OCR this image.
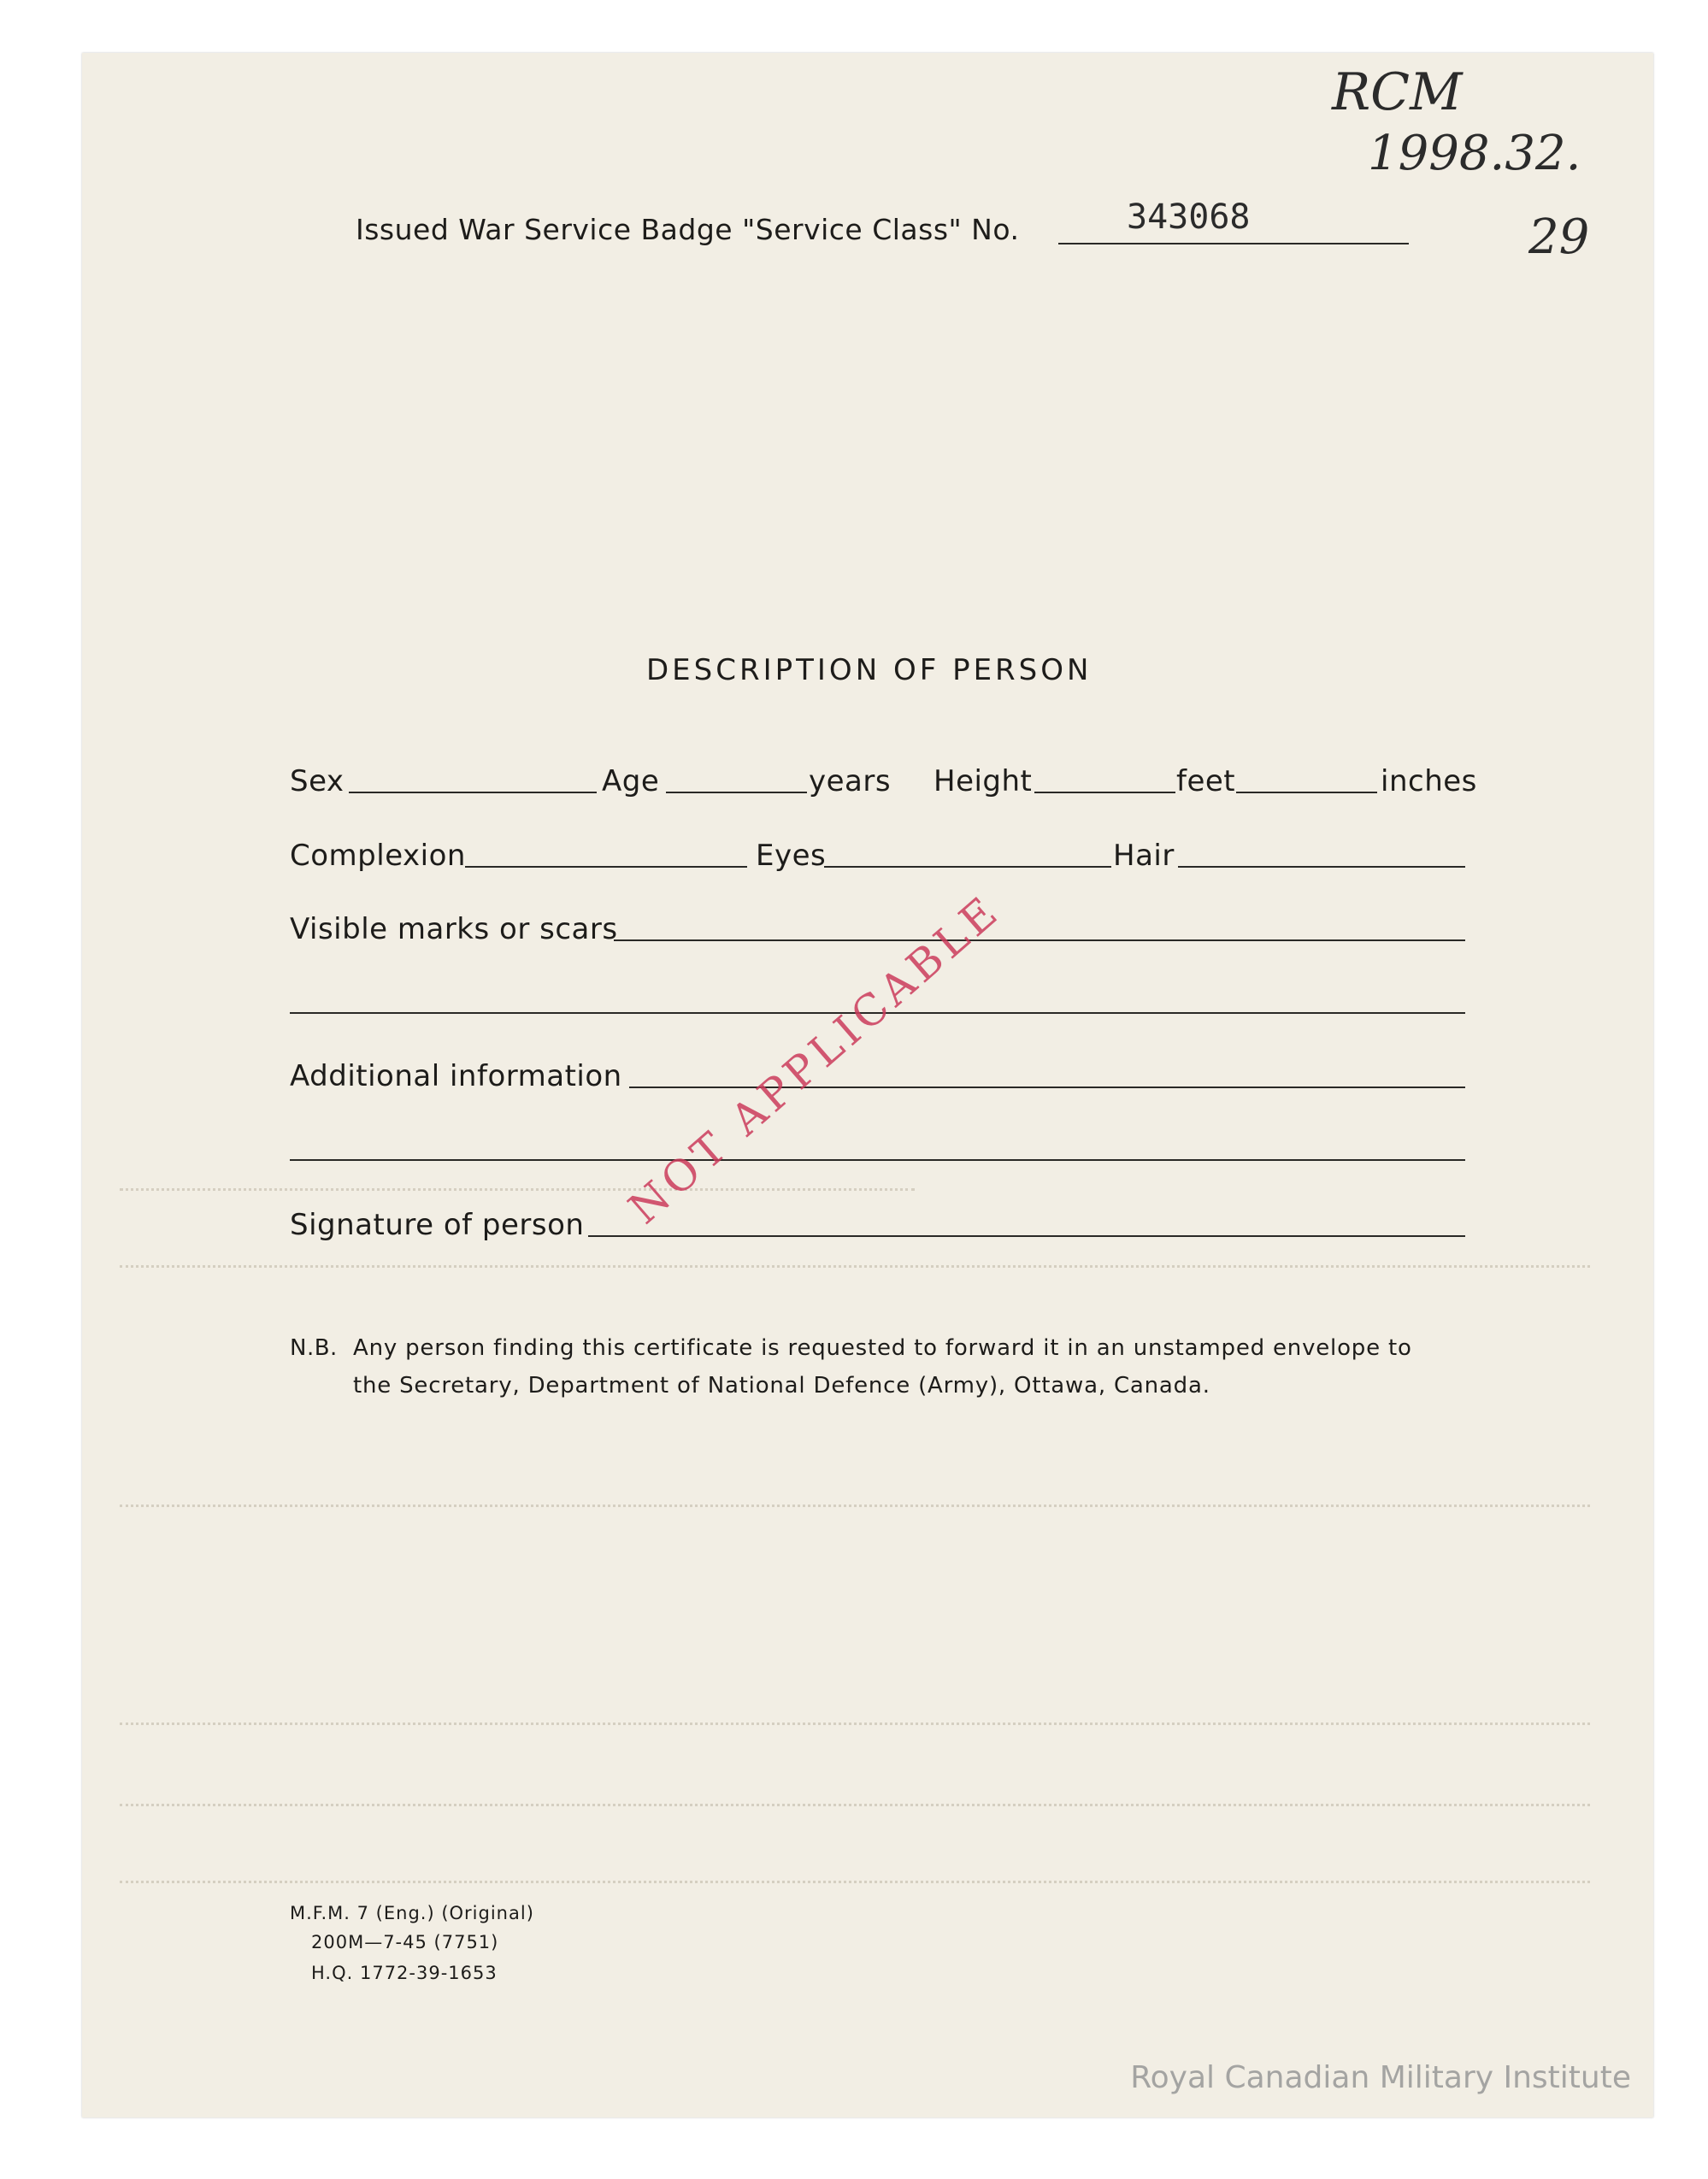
RCM
1998.32.
29
Issued War Service Badge "Service Class" No.	343068
DESCRIPTION OF PERSON
Sex	Age	years Height	feet	inches
Complexion	Eyes	Hair
Visible marks or scars
Additional information
Signature of person NOT APPLICABLE
N.B. Any person finding this certificate is requested to forward it in an unstamped envelope to
the Secretary, Department of National Defence (Army), Ottawa, Canada.
M.F.M. 7 (Eng.) (Original)
200M—7-45 (7751)
H.Q. 1772-39-1653
Royal Canadian Military Institute
